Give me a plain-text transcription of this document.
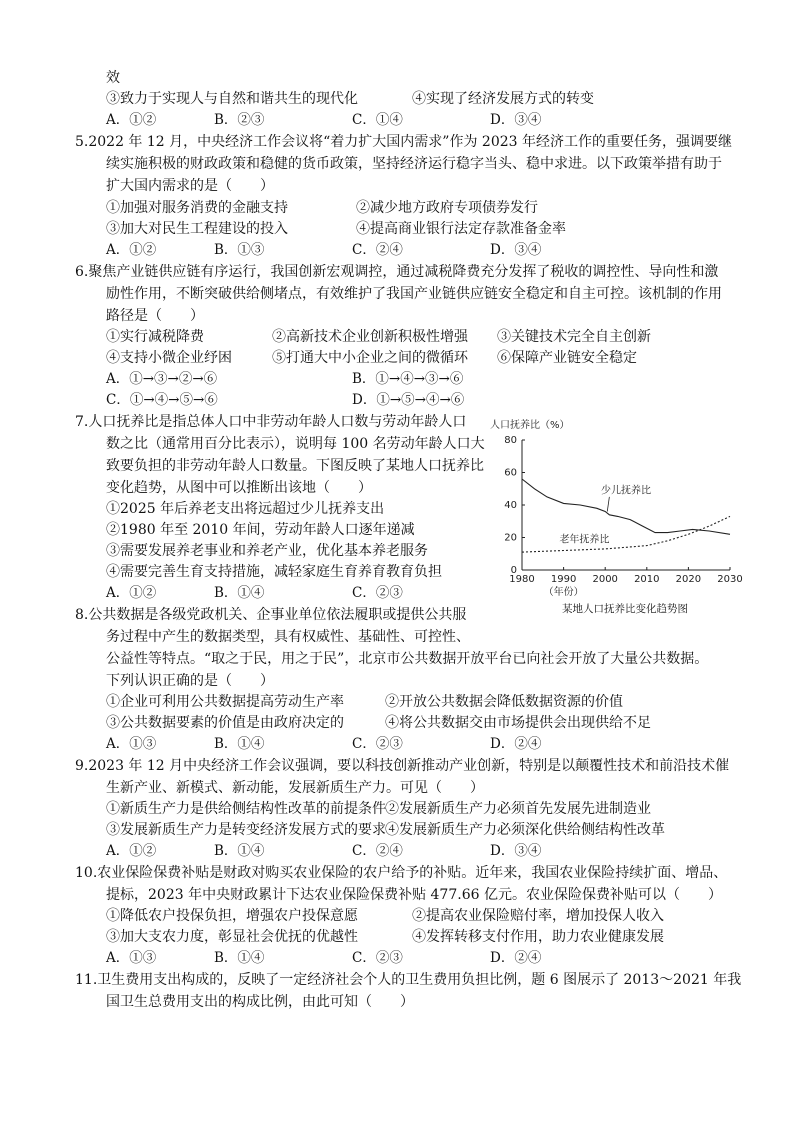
效
③致力于实现人与自然和谐共生的现代化	④实现了经济发展方式的转变
A．①②	B．②③	C．①④	D．③④
5.2022 年 12 月，中央经济工作会议将“着力扩大国内需求”作为 2023 年经济工作的重要任务，强调要继
续实施积极的财政政策和稳健的货币政策，坚持经济运行稳字当头、稳中求进。以下政策举措有助于
扩大国内需求的是（　　）
①加强对服务消费的金融支持	②减少地方政府专项债券发行
③加大对民生工程建设的投入	④提高商业银行法定存款准备金率
A．①②	B．①③	C．②④	D．③④
6.聚焦产业链供应链有序运行，我国创新宏观调控，通过减税降费充分发挥了税收的调控性、导向性和激
励性作用，不断突破供给侧堵点，有效维护了我国产业链供应链安全稳定和自主可控。该机制的作用
路径是（　　）
①实行减税降费	②高新技术企业创新积极性增强 ③关键技术完全自主创新
④支持小微企业纾困	⑤打通大中小企业之间的微循环 ⑥保障产业链安全稳定
A．①→③→②→⑥	B．①→④→③→⑥
C．①→④→⑤→⑥	D．①→⑤→④→⑥
7.人口抚养比是指总体人口中非劳动年龄人口数与劳动年龄人口
数之比（通常用百分比表示），说明每 100 名劳动年龄人口大
致要负担的非劳动年龄人口数量。下图反映了某地人口抚养比
变化趋势，从图中可以推断出该地（　　）
①2025 年后养老支出将远超过少儿抚养支出
②1980 年至 2010 年间，劳动年龄人口逐年递减
③需要发展养老事业和养老产业，优化基本养老服务
④需要完善生育支持措施，减轻家庭生育养育教育负担
A．①②	B．①④	C．②③
8.公共数据是各级党政机关、企事业单位依法履职或提供公共服
务过程中产生的数据类型，具有权威性、基础性、可控性、
公益性等特点。“取之于民，用之于民”，北京市公共数据开放平台已向社会开放了大量公共数据。
下列认识正确的是（　　）
①企业可利用公共数据提高劳动生产率	②开放公共数据会降低数据资源的价值
③公共数据要素的价值是由政府决定的	④将公共数据交由市场提供会出现供给不足
A．①③	B．①④	C．②③	D．②④
9.2023 年 12 月中央经济工作会议强调，要以科技创新推动产业创新，特别是以颠覆性技术和前沿技术催
生新产业、新模式、新动能，发展新质生产力。可见（　　）
①新质生产力是供给侧结构性改革的前提条件 ②发展新质生产力必须首先发展先进制造业
③发展新质生产力是转变经济发展方式的要求 ④发展新质生产力必须深化供给侧结构性改革
A．①②	B．①④	C．②④	D．③④
10.农业保险保费补贴是财政对购买农业保险的农户给予的补贴。近年来，我国农业保险持续扩面、增品、
提标，2023 年中央财政累计下达农业保险保费补贴 477.66 亿元。农业保险保费补贴可以（　　）
①降低农户投保负担，增强农户投保意愿	②提高农业保险赔付率，增加投保人收入
③加大支农力度，彰显社会优抚的优越性	④发挥转移支付作用，助力农业健康发展
A．①③	B．①④	C．②③	D．②④
11.卫生费用支出构成的，反映了一定经济社会个人的卫生费用负担比例，题 6 图展示了 2013～2021 年我
国卫生总费用支出的构成比例，由此可知（　　）
人口抚养比（%）
0
20
40
60
80
1980 1990 2000 2010 2020 2030
（年份）
少儿抚养比
老年抚养比
某地人口抚养比变化趋势图
